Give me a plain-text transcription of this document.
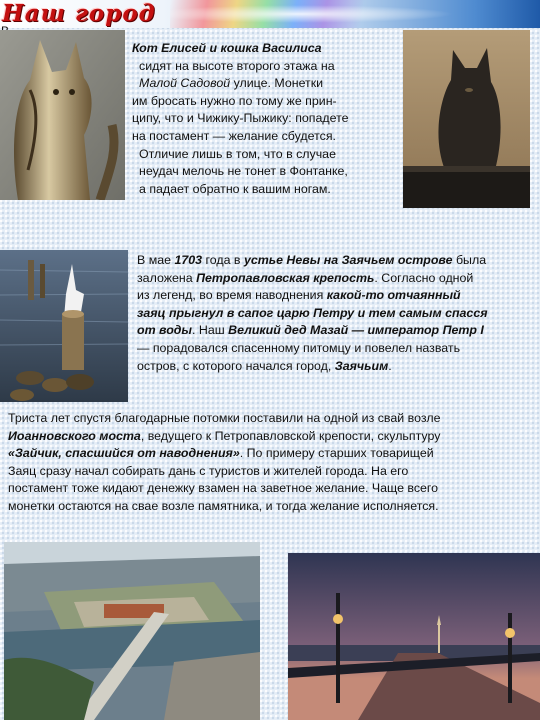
Наш город

Кот Елисей и кошка Василиса

сидят на высоте второго этажа на

Малой Садовой улице. Монетки

им бросать нужно по тому же прин-

ципу, что и Чижику-Пыжику: попадете

на постамент — желание сбудется.

Отличие лишь в том, что в случае

неудач мелочь не тонет в Фонтанке,

а падает обратно к вашим ногам.

В мае 1703 года в устье Невы на Заячьем острове была

заложена Петропавловская крепость. Согласно одной

из легенд, во время наводнения какой-то отчаянный

заяц прыгнул в сапог царю Петру и тем самым спасся

от воды. Наш Великий дед Мазай — император Петр I

— порадовался спасенному питомцу и повелел назвать

остров, с которого начался город, Заячьим.

Триста лет спустя благодарные потомки поставили на одной из свай возле

Иоанновского моста, ведущего к Петропавловской крепости, скульптуру

«Зайчик, спасшийся от наводнения». По примеру старших товарищей

Заяц сразу начал собирать дань с туристов и жителей города. На его

постамент тоже кидают денежку взамен на заветное желание. Чаще всего

монетки остаются на сваe возле памятника, и тогда желание исполняется.
